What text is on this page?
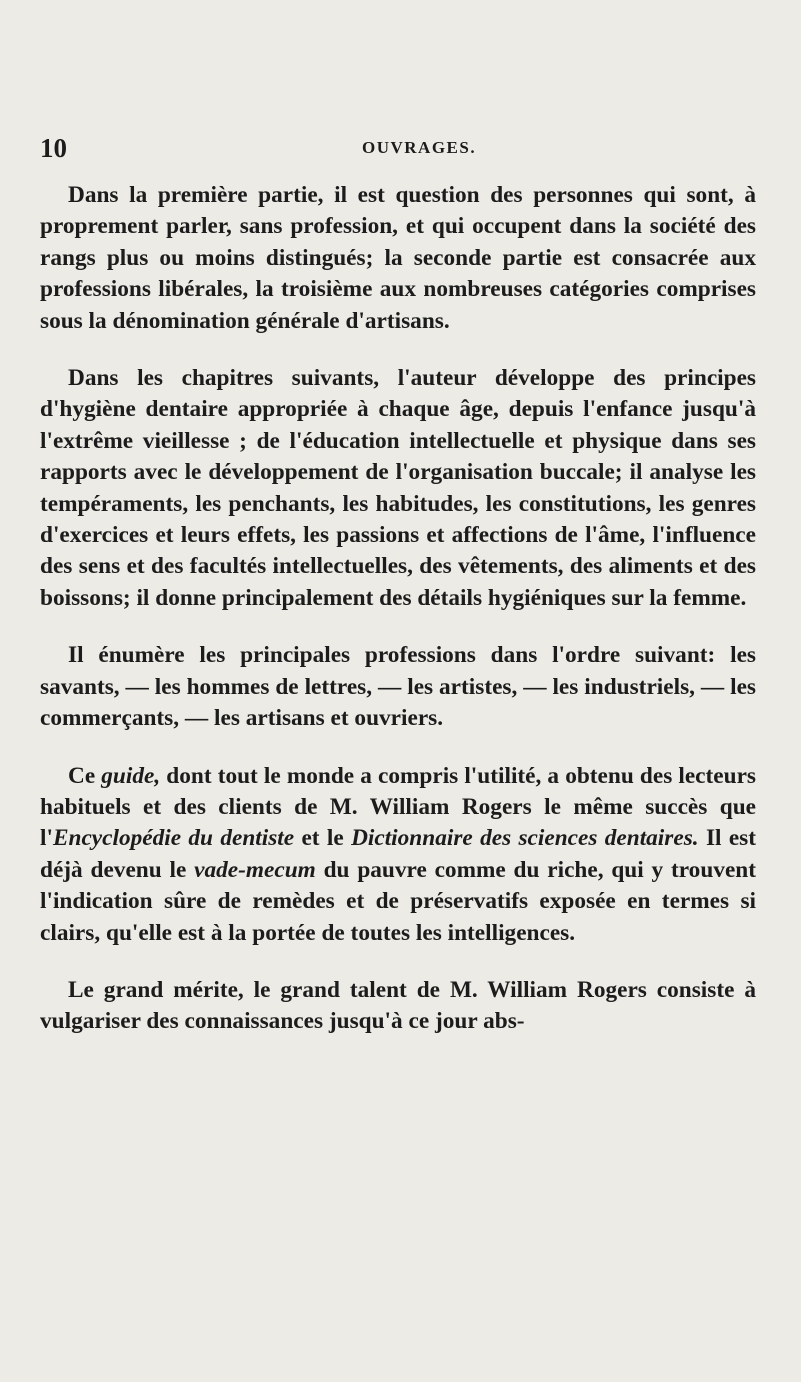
10	OUVRAGES.

Dans la première partie, il est question des personnes qui sont, à proprement parler, sans profession, et qui occupent dans la société des rangs plus ou moins distingués; la seconde partie est consacrée aux professions libérales, la troisième aux nombreuses catégories comprises sous la dénomination générale d'artisans.

Dans les chapitres suivants, l'auteur développe des principes d'hygiène dentaire appropriée à chaque âge, depuis l'enfance jusqu'à l'extrême vieillesse ; de l'éducation intellectuelle et physique dans ses rapports avec le développement de l'organisation buccale; il analyse les tempéraments, les penchants, les habitudes, les constitutions, les genres d'exercices et leurs effets, les passions et affections de l'âme, l'influence des sens et des facultés intellectuelles, des vêtements, des aliments et des boissons; il donne principalement des détails hygiéniques sur la femme.

Il énumère les principales professions dans l'ordre suivant: les savants, — les hommes de lettres, — les artistes, — les industriels, — les commerçants, — les artisans et ouvriers.

Ce guide, dont tout le monde a compris l'utilité, a obtenu des lecteurs habituels et des clients de M. William Rogers le même succès que l'Encyclopédie du dentiste et le Dictionnaire des sciences dentaires. Il est déjà devenu le vade-mecum du pauvre comme du riche, qui y trouvent l'indication sûre de remèdes et de préservatifs exposée en termes si clairs, qu'elle est à la portée de toutes les intelligences.

Le grand mérite, le grand talent de M. William Rogers consiste à vulgariser des connaissances jusqu'à ce jour abs-
